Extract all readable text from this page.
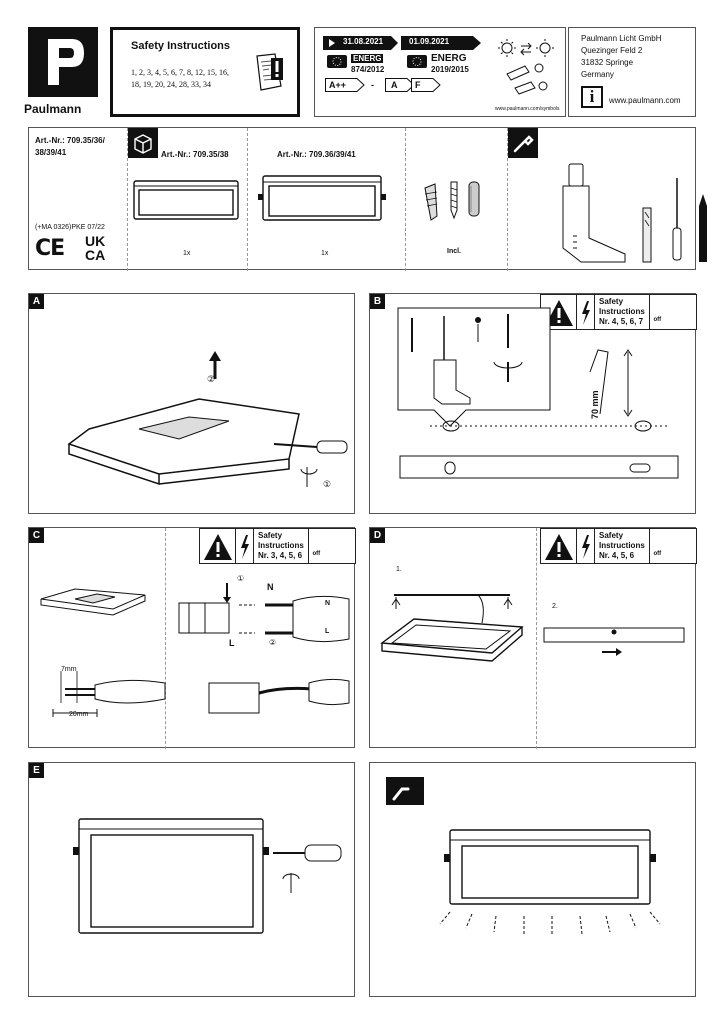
Paulmann
Safety Instructions
1, 2, 3, 4, 5, 6, 7, 8, 12, 15, 16,
18, 19, 20, 24, 28, 33, 34
31.08.2021	01.09.2021
ENERG
874/2012
ENERG
2019/2015
A++	- A F
www.paulmann.com/symbols
Paulmann Licht GmbH
Quezinger Feld 2
31832 Springe
Germany
i	www.paulmann.com
Art.-Nr.: 709.35/36/
38/39/41
(+MA 0326)PKE 07/22
CE UK
CA
Art.-Nr.: 709.35/38
1x
Art.-Nr.: 709.36/39/41
1x	Incl.
A
②
①
B	Safety
Instructions
Nr. 4, 5, 6, 7	off
70 mm
C	Safety
Instructions
Nr. 3, 4, 5, 6	off
7mm
20mm
①
N
L	②
N
L
D	Safety
Instructions
Nr. 4, 5, 6	off
1.
2.
E
ON
